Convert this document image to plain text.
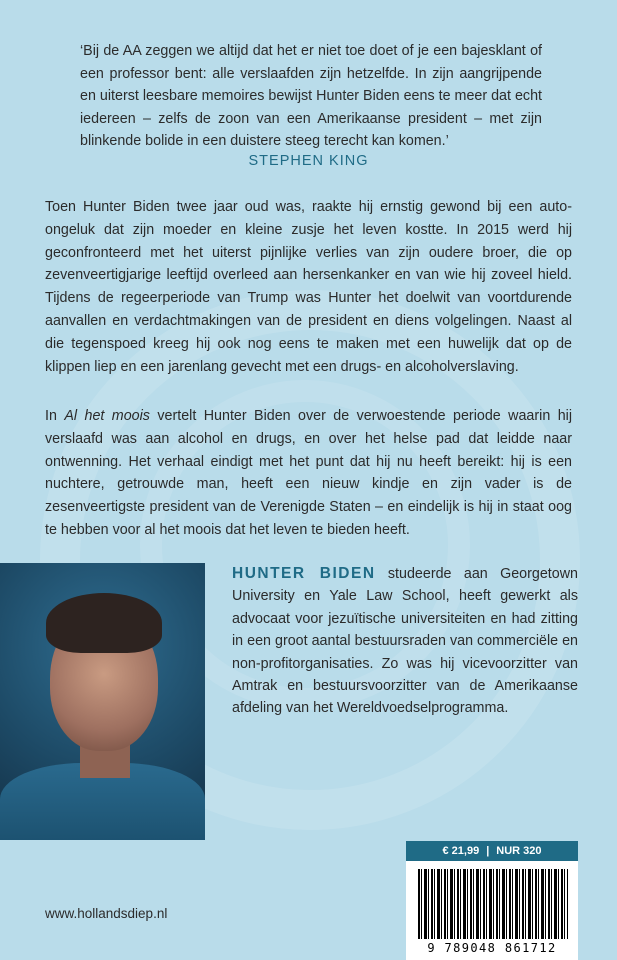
‘Bij de AA zeggen we altijd dat het er niet toe doet of je een bajesklant of een professor bent: alle verslaafden zijn hetzelfde. In zijn aangrijpende en uiterst leesbare memoires bewijst Hunter Biden eens te meer dat echt iedereen – zelfs de zoon van een Amerikaanse president – met zijn blinkende bolide in een duistere steeg terecht kan komen.’
STEPHEN KING
Toen Hunter Biden twee jaar oud was, raakte hij ernstig gewond bij een auto-ongeluk dat zijn moeder en kleine zusje het leven kostte. In 2015 werd hij geconfronteerd met het uiterst pijnlijke verlies van zijn oudere broer, die op zevenveertigjarige leeftijd overleed aan hersenkanker en van wie hij zoveel hield. Tijdens de regeerperiode van Trump was Hunter het doelwit van voortdurende aanvallen en verdachtmakingen van de president en diens volgelingen. Naast al die tegenspoed kreeg hij ook nog eens te maken met een huwelijk dat op de klippen liep en een jarenlang gevecht met een drugs- en alcoholverslaving.
In Al het moois vertelt Hunter Biden over de verwoestende periode waarin hij verslaafd was aan alcohol en drugs, en over het helse pad dat leidde naar ontwenning. Het verhaal eindigt met het punt dat hij nu heeft bereikt: hij is een nuchtere, getrouwde man, heeft een nieuw kindje en zijn vader is de zesenveertigste president van de Verenigde Staten – en eindelijk is hij in staat oog te hebben voor al het moois dat het leven te bieden heeft.
HUNTER BIDEN studeerde aan Georgetown University en Yale Law School, heeft gewerkt als advocaat voor jezuïtische universiteiten en had zitting in een groot aantal bestuursraden van commerciële en non-profitorganisaties. Zo was hij vicevoorzitter van Amtrak en bestuursvoorzitter van de Amerikaanse afdeling van het Wereldvoedselprogramma.
€ 21,99 | NUR 320
9 789048 861712
www.hollandsdiep.nl
